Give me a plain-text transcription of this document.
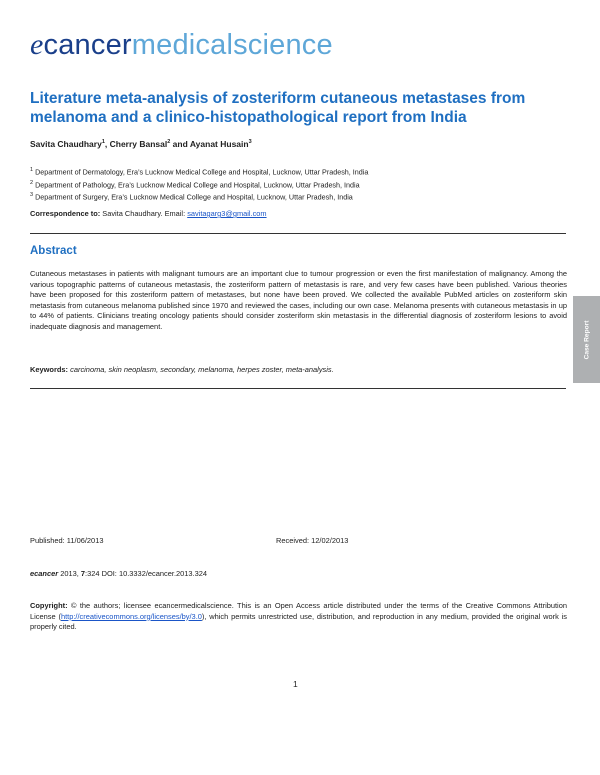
ecancermedicalscience
Literature meta-analysis of zosteriform cutaneous metastases from melanoma and a clinico-histopathological report from India
Savita Chaudhary$^1$, Cherry Bansal$^2$ and Ayanat Husain$^3$
$^1$ Department of Dermatology, Era’s Lucknow Medical College and Hospital, Lucknow, Uttar Pradesh, India
$^2$ Department of Pathology, Era’s Lucknow Medical College and Hospital, Lucknow, Uttar Pradesh, India
$^3$ Department of Surgery, Era’s Lucknow Medical College and Hospital, Lucknow, Uttar Pradesh, India
Correspondence to: Savita Chaudhary. Email: savitagarg3@gmail.com
Abstract
Cutaneous metastases in patients with malignant tumours are an important clue to tumour progression or even the first manifestation of malignancy. Among the various topographic patterns of cutaneous metastasis, the zosteriform pattern of metastasis is rare, and very few cases have been published. Various theories have been proposed for this zosteriform pattern of metastases, but none have been proved. We collected the available PubMed articles on zosteriform skin metastasis from cutaneous melanoma published since 1970 and reviewed the cases, including our own case. Melanoma presents with cutaneous metastasis in up to 44% of patients. Clinicians treating oncology patients should consider zosteriform skin metastasis in the differential diagnosis of zosteriform lesions to avoid inadequate diagnosis and management.
Keywords: carcinoma, skin neoplasm, secondary, melanoma, herpes zoster, meta-analysis.
Case Report
Published: 11/06/2013	Received: 12/02/2013
ecancer 2013, 7:324 DOI: 10.3332/ecancer.2013.324
Copyright: © the authors; licensee ecancermedicalscience. This is an Open Access article distributed under the terms of the Creative Commons Attribution License (http://creativecommons.org/licenses/by/3.0), which permits unrestricted use, distribution, and reproduction in any medium, provided the original work is properly cited.
1
